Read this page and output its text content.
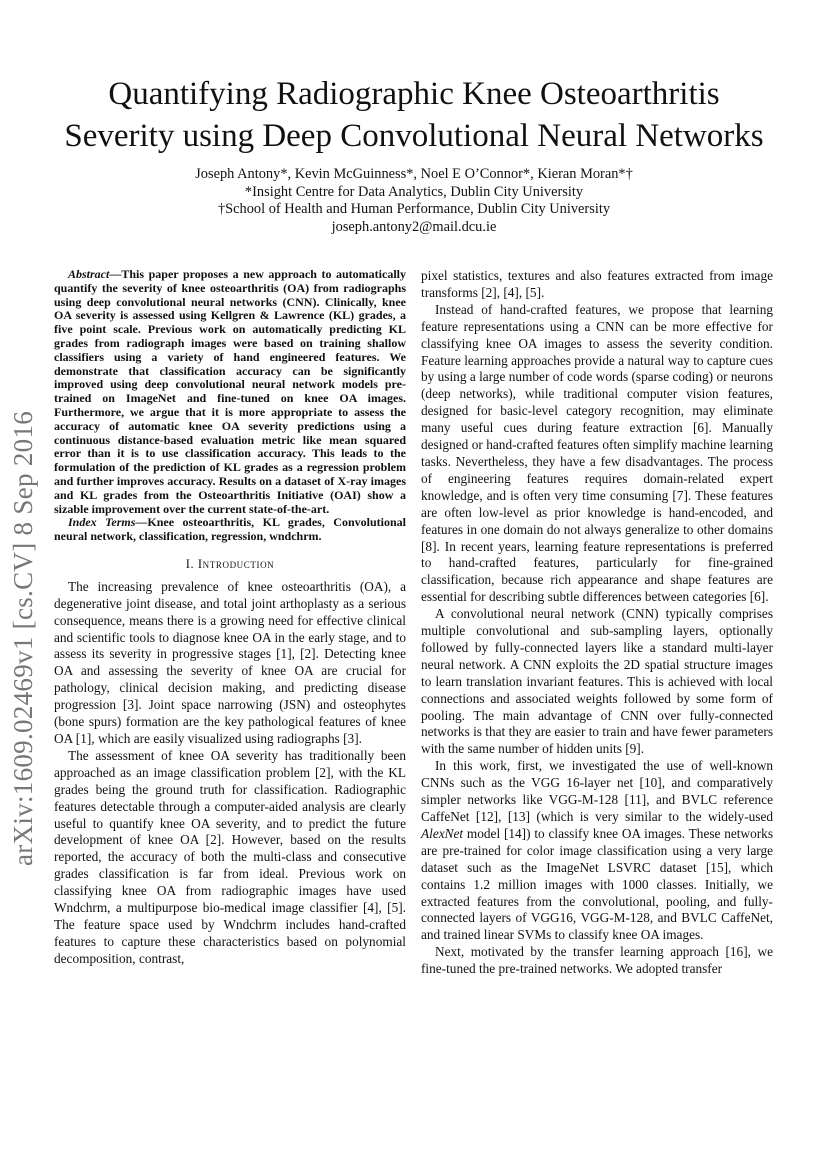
Quantifying Radiographic Knee Osteoarthritis
Severity using Deep Convolutional Neural Networks
Joseph Antony*, Kevin McGuinness*, Noel E O’Connor*, Kieran Moran*†
*Insight Centre for Data Analytics, Dublin City University
†School of Health and Human Performance, Dublin City University
joseph.antony2@mail.dcu.ie
arXiv:1609.02469v1 [cs.CV] 8 Sep 2016

Abstract—This paper proposes a new approach to automatically quantify the severity of knee osteoarthritis (OA) from radiographs using deep convolutional neural networks (CNN). Clinically, knee OA severity is assessed using Kellgren & Lawrence (KL) grades, a five point scale. Previous work on automatically predicting KL grades from radiograph images were based on training shallow classifiers using a variety of hand engineered features. We demonstrate that classification accuracy can be significantly improved using deep convolutional neural network models pre-trained on ImageNet and fine-tuned on knee OA images. Furthermore, we argue that it is more appropriate to assess the accuracy of automatic knee OA severity predictions using a continuous distance-based evaluation metric like mean squared error than it is to use classification accuracy. This leads to the formulation of the prediction of KL grades as a regression problem and further improves accuracy. Results on a dataset of X-ray images and KL grades from the Osteoarthritis Initiative (OAI) show a sizable improvement over the current state-of-the-art.

Index Terms—Knee osteoarthritis, KL grades, Convolutional neural network, classification, regression, wndchrm.

I. Introduction

The increasing prevalence of knee osteoarthritis (OA), a degenerative joint disease, and total joint arthoplasty as a serious consequence, means there is a growing need for effective clinical and scientific tools to diagnose knee OA in the early stage, and to assess its severity in progressive stages [1], [2]. Detecting knee OA and assessing the severity of knee OA are crucial for pathology, clinical decision making, and predicting disease progression [3]. Joint space narrowing (JSN) and osteophytes (bone spurs) formation are the key pathological features of knee OA [1], which are easily visualized using radiographs [3].

The assessment of knee OA severity has traditionally been approached as an image classification problem [2], with the KL grades being the ground truth for classification. Radiographic features detectable through a computer-aided analysis are clearly useful to quantify knee OA severity, and to predict the future development of knee OA [2]. However, based on the results reported, the accuracy of both the multi-class and consecutive grades classification is far from ideal. Previous work on classifying knee OA from radiographic images have used Wndchrm, a multipurpose bio-medical image classifier [4], [5]. The feature space used by Wndchrm includes hand-crafted features to capture these characteristics based on polynomial decomposition, contrast,

pixel statistics, textures and also features extracted from image transforms [2], [4], [5].

Instead of hand-crafted features, we propose that learning feature representations using a CNN can be more effective for classifying knee OA images to assess the severity condition. Feature learning approaches provide a natural way to capture cues by using a large number of code words (sparse coding) or neurons (deep networks), while traditional computer vision features, designed for basic-level category recognition, may eliminate many useful cues during feature extraction [6]. Manually designed or hand-crafted features often simplify machine learning tasks. Nevertheless, they have a few disadvantages. The process of engineering features requires domain-related expert knowledge, and is often very time consuming [7]. These features are often low-level as prior knowledge is hand-encoded, and features in one domain do not always generalize to other domains [8]. In recent years, learning feature representations is preferred to hand-crafted features, particularly for fine-grained classification, because rich appearance and shape features are essential for describing subtle differences between categories [6].

A convolutional neural network (CNN) typically comprises multiple convolutional and sub-sampling layers, optionally followed by fully-connected layers like a standard multi-layer neural network. A CNN exploits the 2D spatial structure images to learn translation invariant features. This is achieved with local connections and associated weights followed by some form of pooling. The main advantage of CNN over fully-connected networks is that they are easier to train and have fewer parameters with the same number of hidden units [9].

In this work, first, we investigated the use of well-known CNNs such as the VGG 16-layer net [10], and comparatively simpler networks like VGG-M-128 [11], and BVLC reference CaffeNet [12], [13] (which is very similar to the widely-used AlexNet model [14]) to classify knee OA images. These networks are pre-trained for color image classification using a very large dataset such as the ImageNet LSVRC dataset [15], which contains 1.2 million images with 1000 classes. Initially, we extracted features from the convolutional, pooling, and fully-connected layers of VGG16, VGG-M-128, and BVLC CaffeNet, and trained linear SVMs to classify knee OA images.

Next, motivated by the transfer learning approach [16], we fine-tuned the pre-trained networks. We adopted transfer
